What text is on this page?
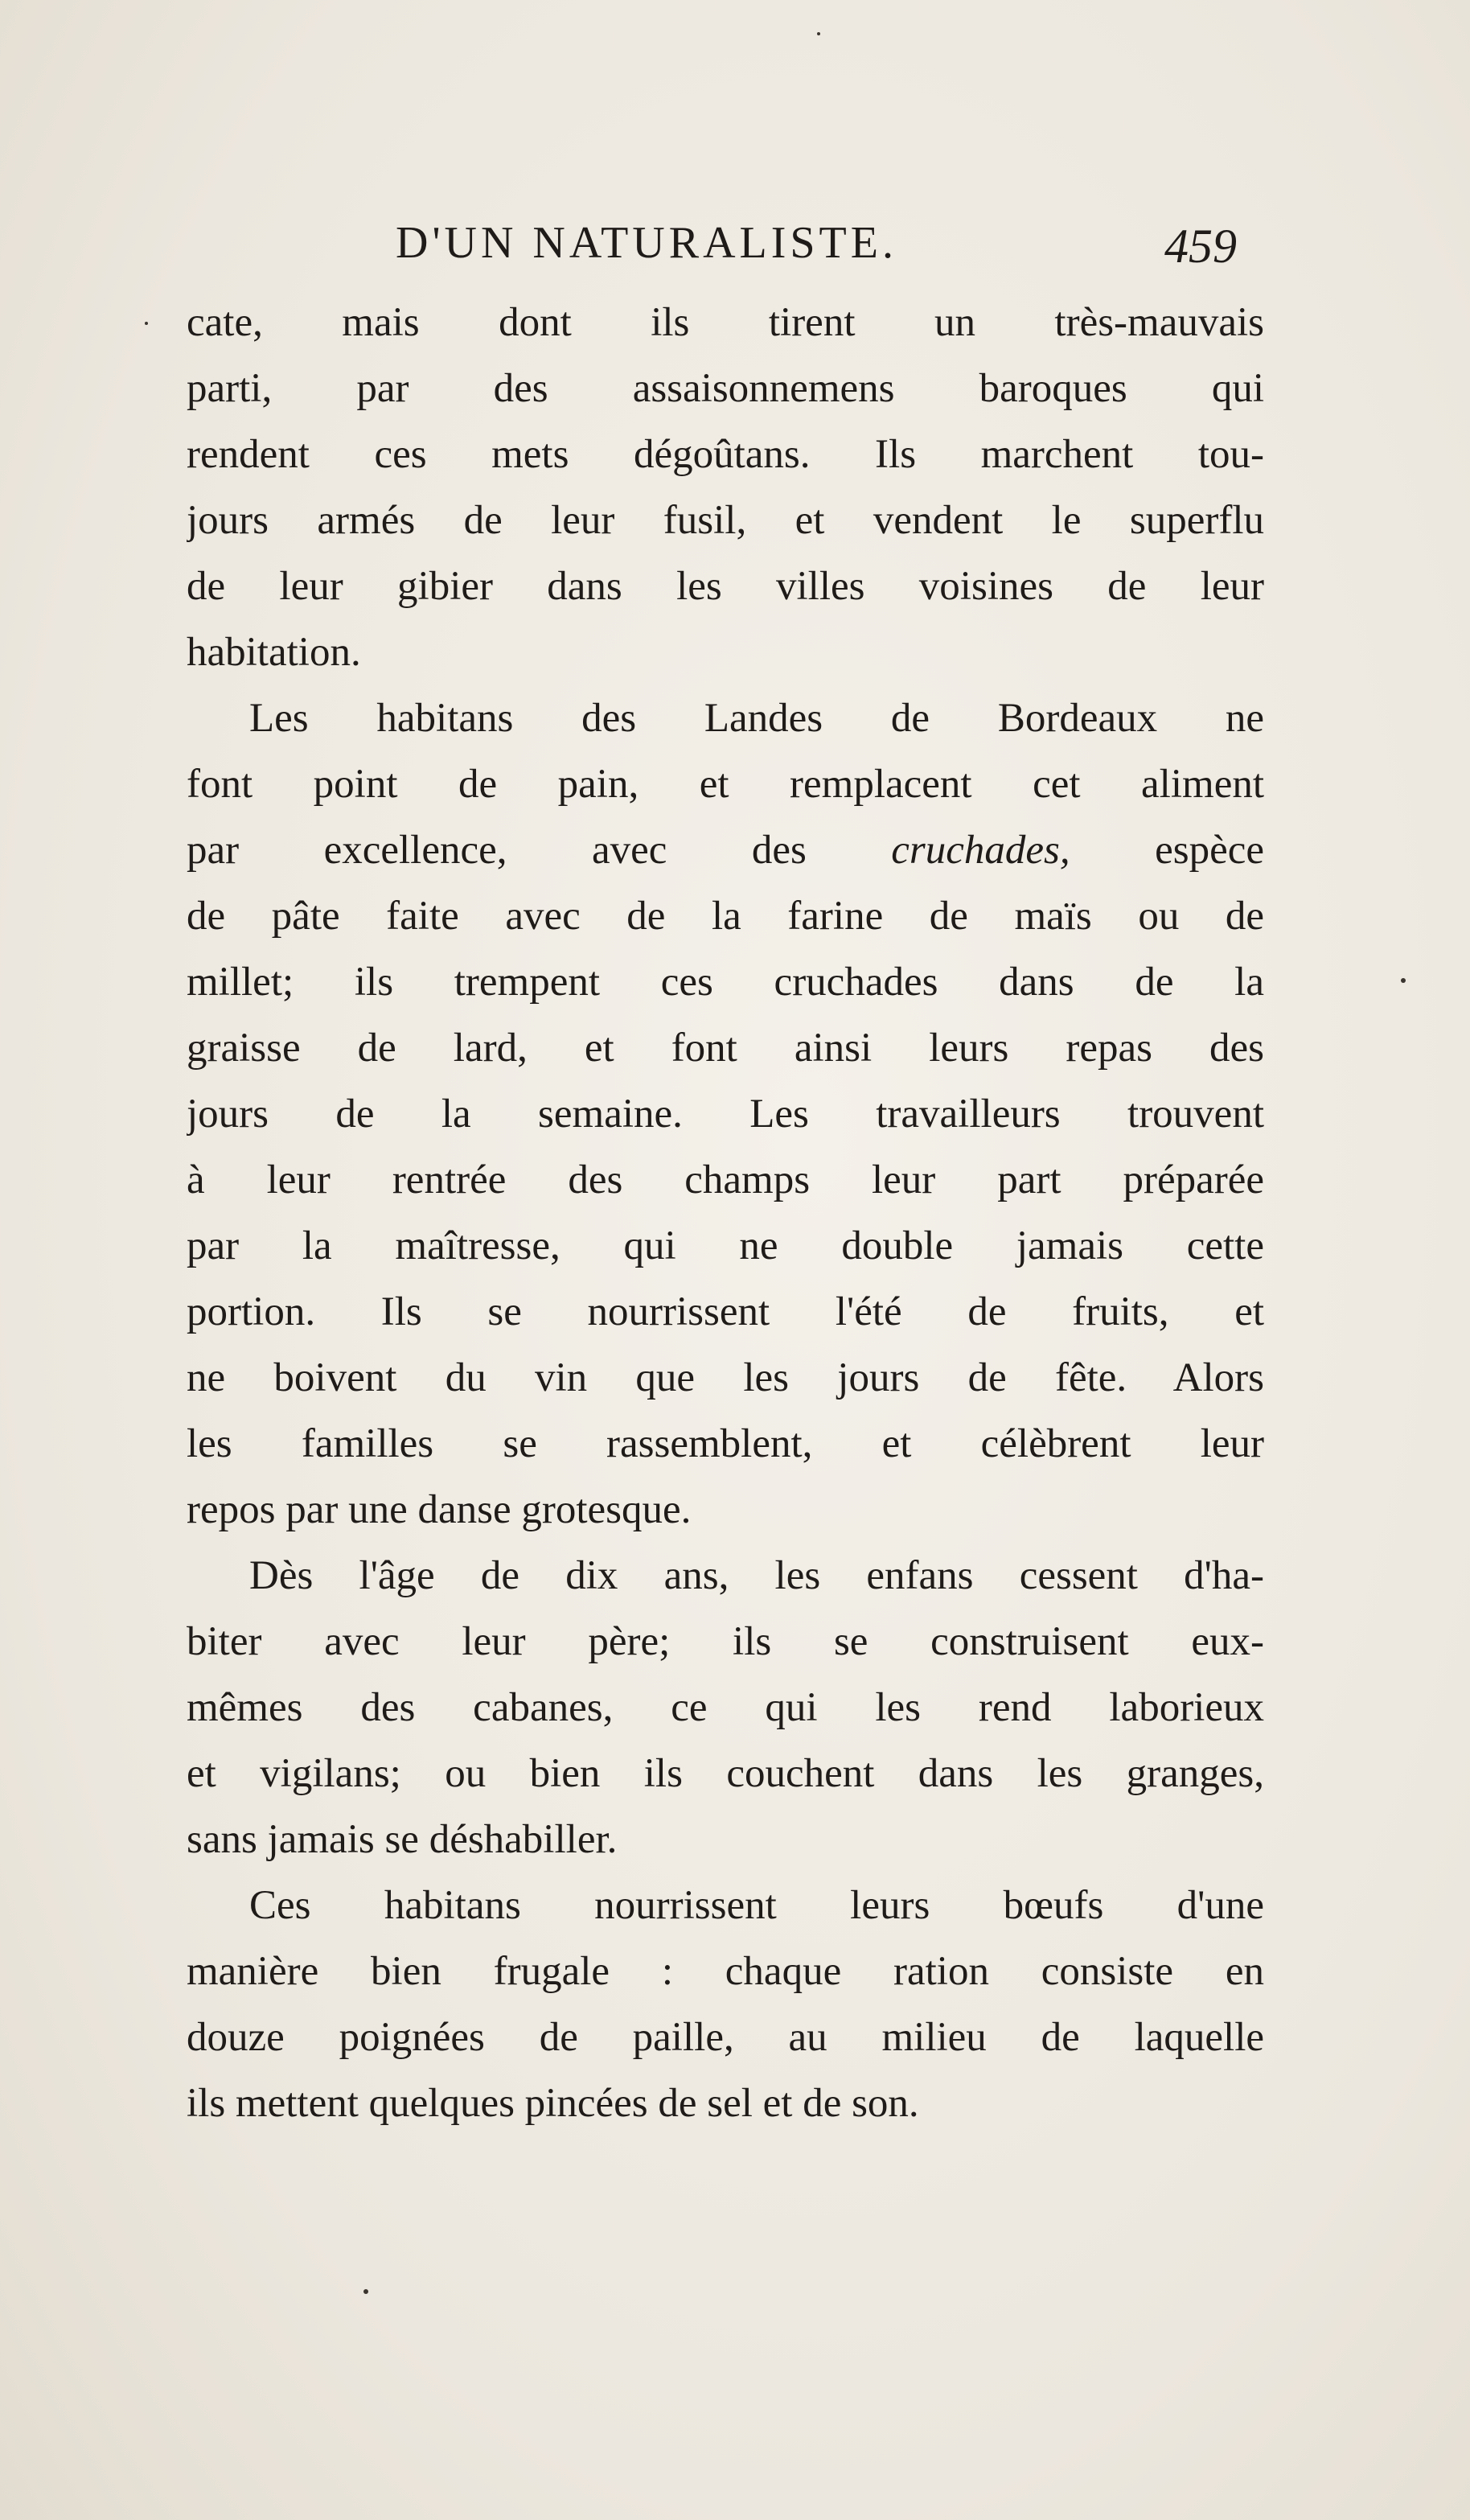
D'UN NATURALISTE.	459
cate, mais dont ils tirent un très-mauvais
parti, par des assaisonnemens baroques qui
rendent ces mets dégoûtans. Ils marchent tou-
jours armés de leur fusil, et vendent le superflu
de leur gibier dans les villes voisines de leur
habitation.
Les habitans des Landes de Bordeaux ne
font point de pain, et remplacent cet aliment
par excellence, avec des cruchades, espèce
de pâte faite avec de la farine de maïs ou de
millet; ils trempent ces cruchades dans de la
graisse de lard, et font ainsi leurs repas des
jours de la semaine. Les travailleurs trouvent
à leur rentrée des champs leur part préparée
par la maîtresse, qui ne double jamais cette
portion. Ils se nourrissent l'été de fruits, et
ne boivent du vin que les jours de fête. Alors
les familles se rassemblent, et célèbrent leur
repos par une danse grotesque.
Dès l'âge de dix ans, les enfans cessent d'ha-
biter avec leur père; ils se construisent eux-
mêmes des cabanes, ce qui les rend laborieux
et vigilans; ou bien ils couchent dans les granges,
sans jamais se déshabiller.
Ces habitans nourrissent leurs bœufs d'une
manière bien frugale : chaque ration consiste en
douze poignées de paille, au milieu de laquelle
ils mettent quelques pincées de sel et de son.
